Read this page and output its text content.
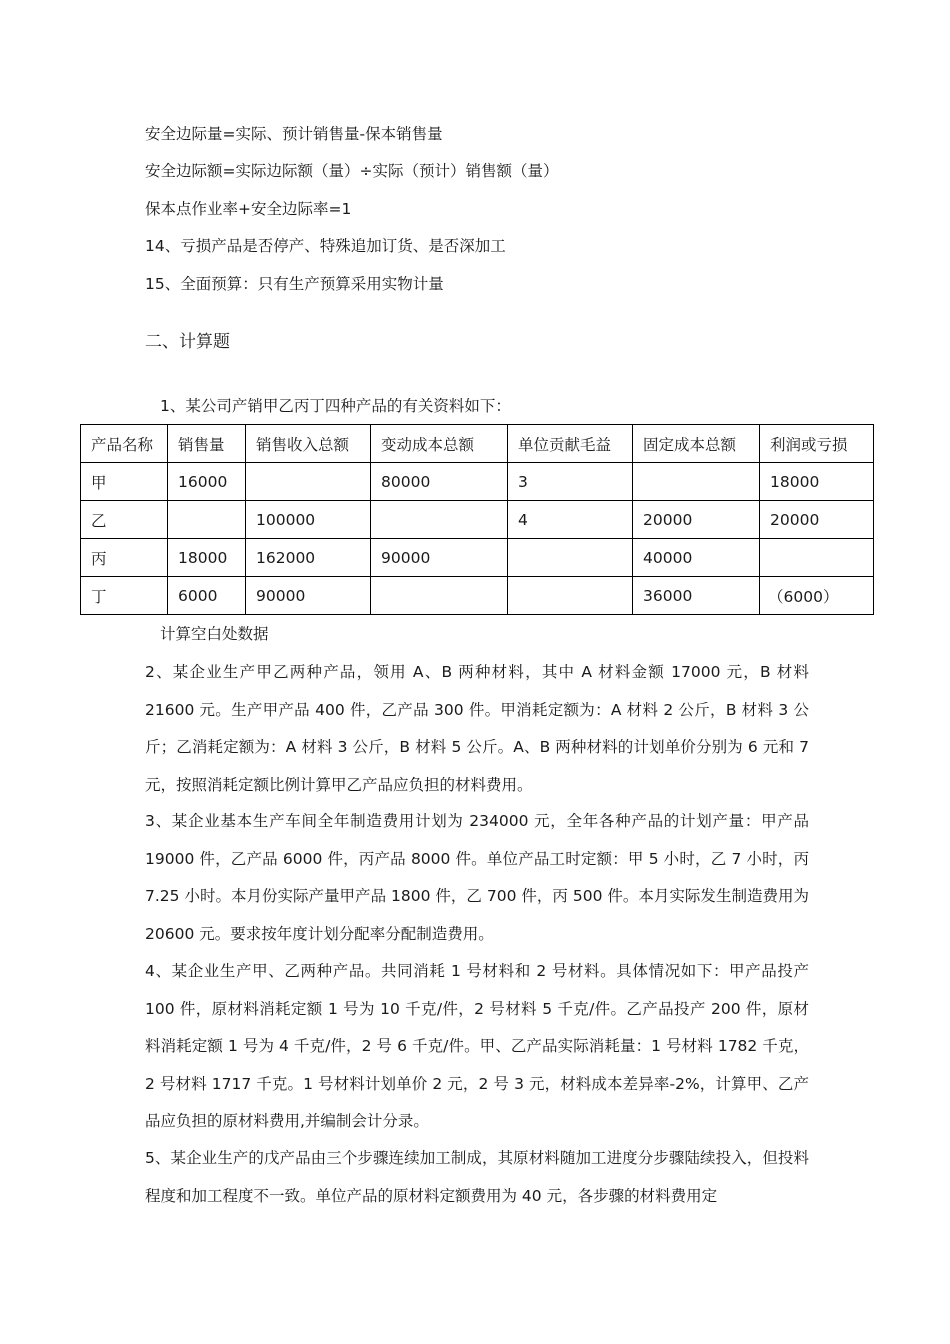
安全边际量=实际、预计销售量-保本销售量
安全边际额=实际边际额（量）÷实际（预计）销售额（量）
保本点作业率+安全边际率=1
14、亏损产品是否停产、特殊追加订货、是否深加工
15、全面预算：只有生产预算采用实物计量
二、计算题
1、某公司产销甲乙丙丁四种产品的有关资料如下：
产品名称	销售量	销售收入总额	变动成本总额	单位贡献毛益	固定成本总额	利润或亏损
甲	16000		80000	3		18000
乙		100000		4	20000	20000
丙	18000	162000	90000		40000	
丁	6000	90000			36000	（6000）
计算空白处数据
2、某企业生产甲乙两种产品，领用 A、B 两种材料，其中 A 材料金额 17000 元，B 材料 21600 元。生产甲产品 400 件，乙产品 300 件。甲消耗定额为：A 材料 2 公斤，B 材料 3 公斤；乙消耗定额为：A 材料 3 公斤，B 材料 5 公斤。A、B 两种材料的计划单价分别为 6 元和 7 元，按照消耗定额比例计算甲乙产品应负担的材料费用。
3、某企业基本生产车间全年制造费用计划为 234000 元，全年各种产品的计划产量：甲产品 19000 件，乙产品 6000 件，丙产品 8000 件。单位产品工时定额：甲 5 小时，乙 7 小时，丙 7.25 小时。本月份实际产量甲产品 1800 件，乙 700 件，丙 500 件。本月实际发生制造费用为 20600 元。要求按年度计划分配率分配制造费用。
4、某企业生产甲、乙两种产品。共同消耗 1 号材料和 2 号材料。具体情况如下：甲产品投产 100 件，原材料消耗定额 1 号为 10 千克/件，2 号材料 5 千克/件。乙产品投产 200 件，原材料消耗定额 1 号为 4 千克/件，2 号 6 千克/件。甲、乙产品实际消耗量：1 号材料 1782 千克，2 号材料 1717 千克。1 号材料计划单价 2 元，2 号 3 元，材料成本差异率-2%，计算甲、乙产品应负担的原材料费用,并编制会计分录。
5、某企业生产的戊产品由三个步骤连续加工制成，其原材料随加工进度分步骤陆续投入，但投料程度和加工程度不一致。单位产品的原材料定额费用为 40 元，各步骤的材料费用定
